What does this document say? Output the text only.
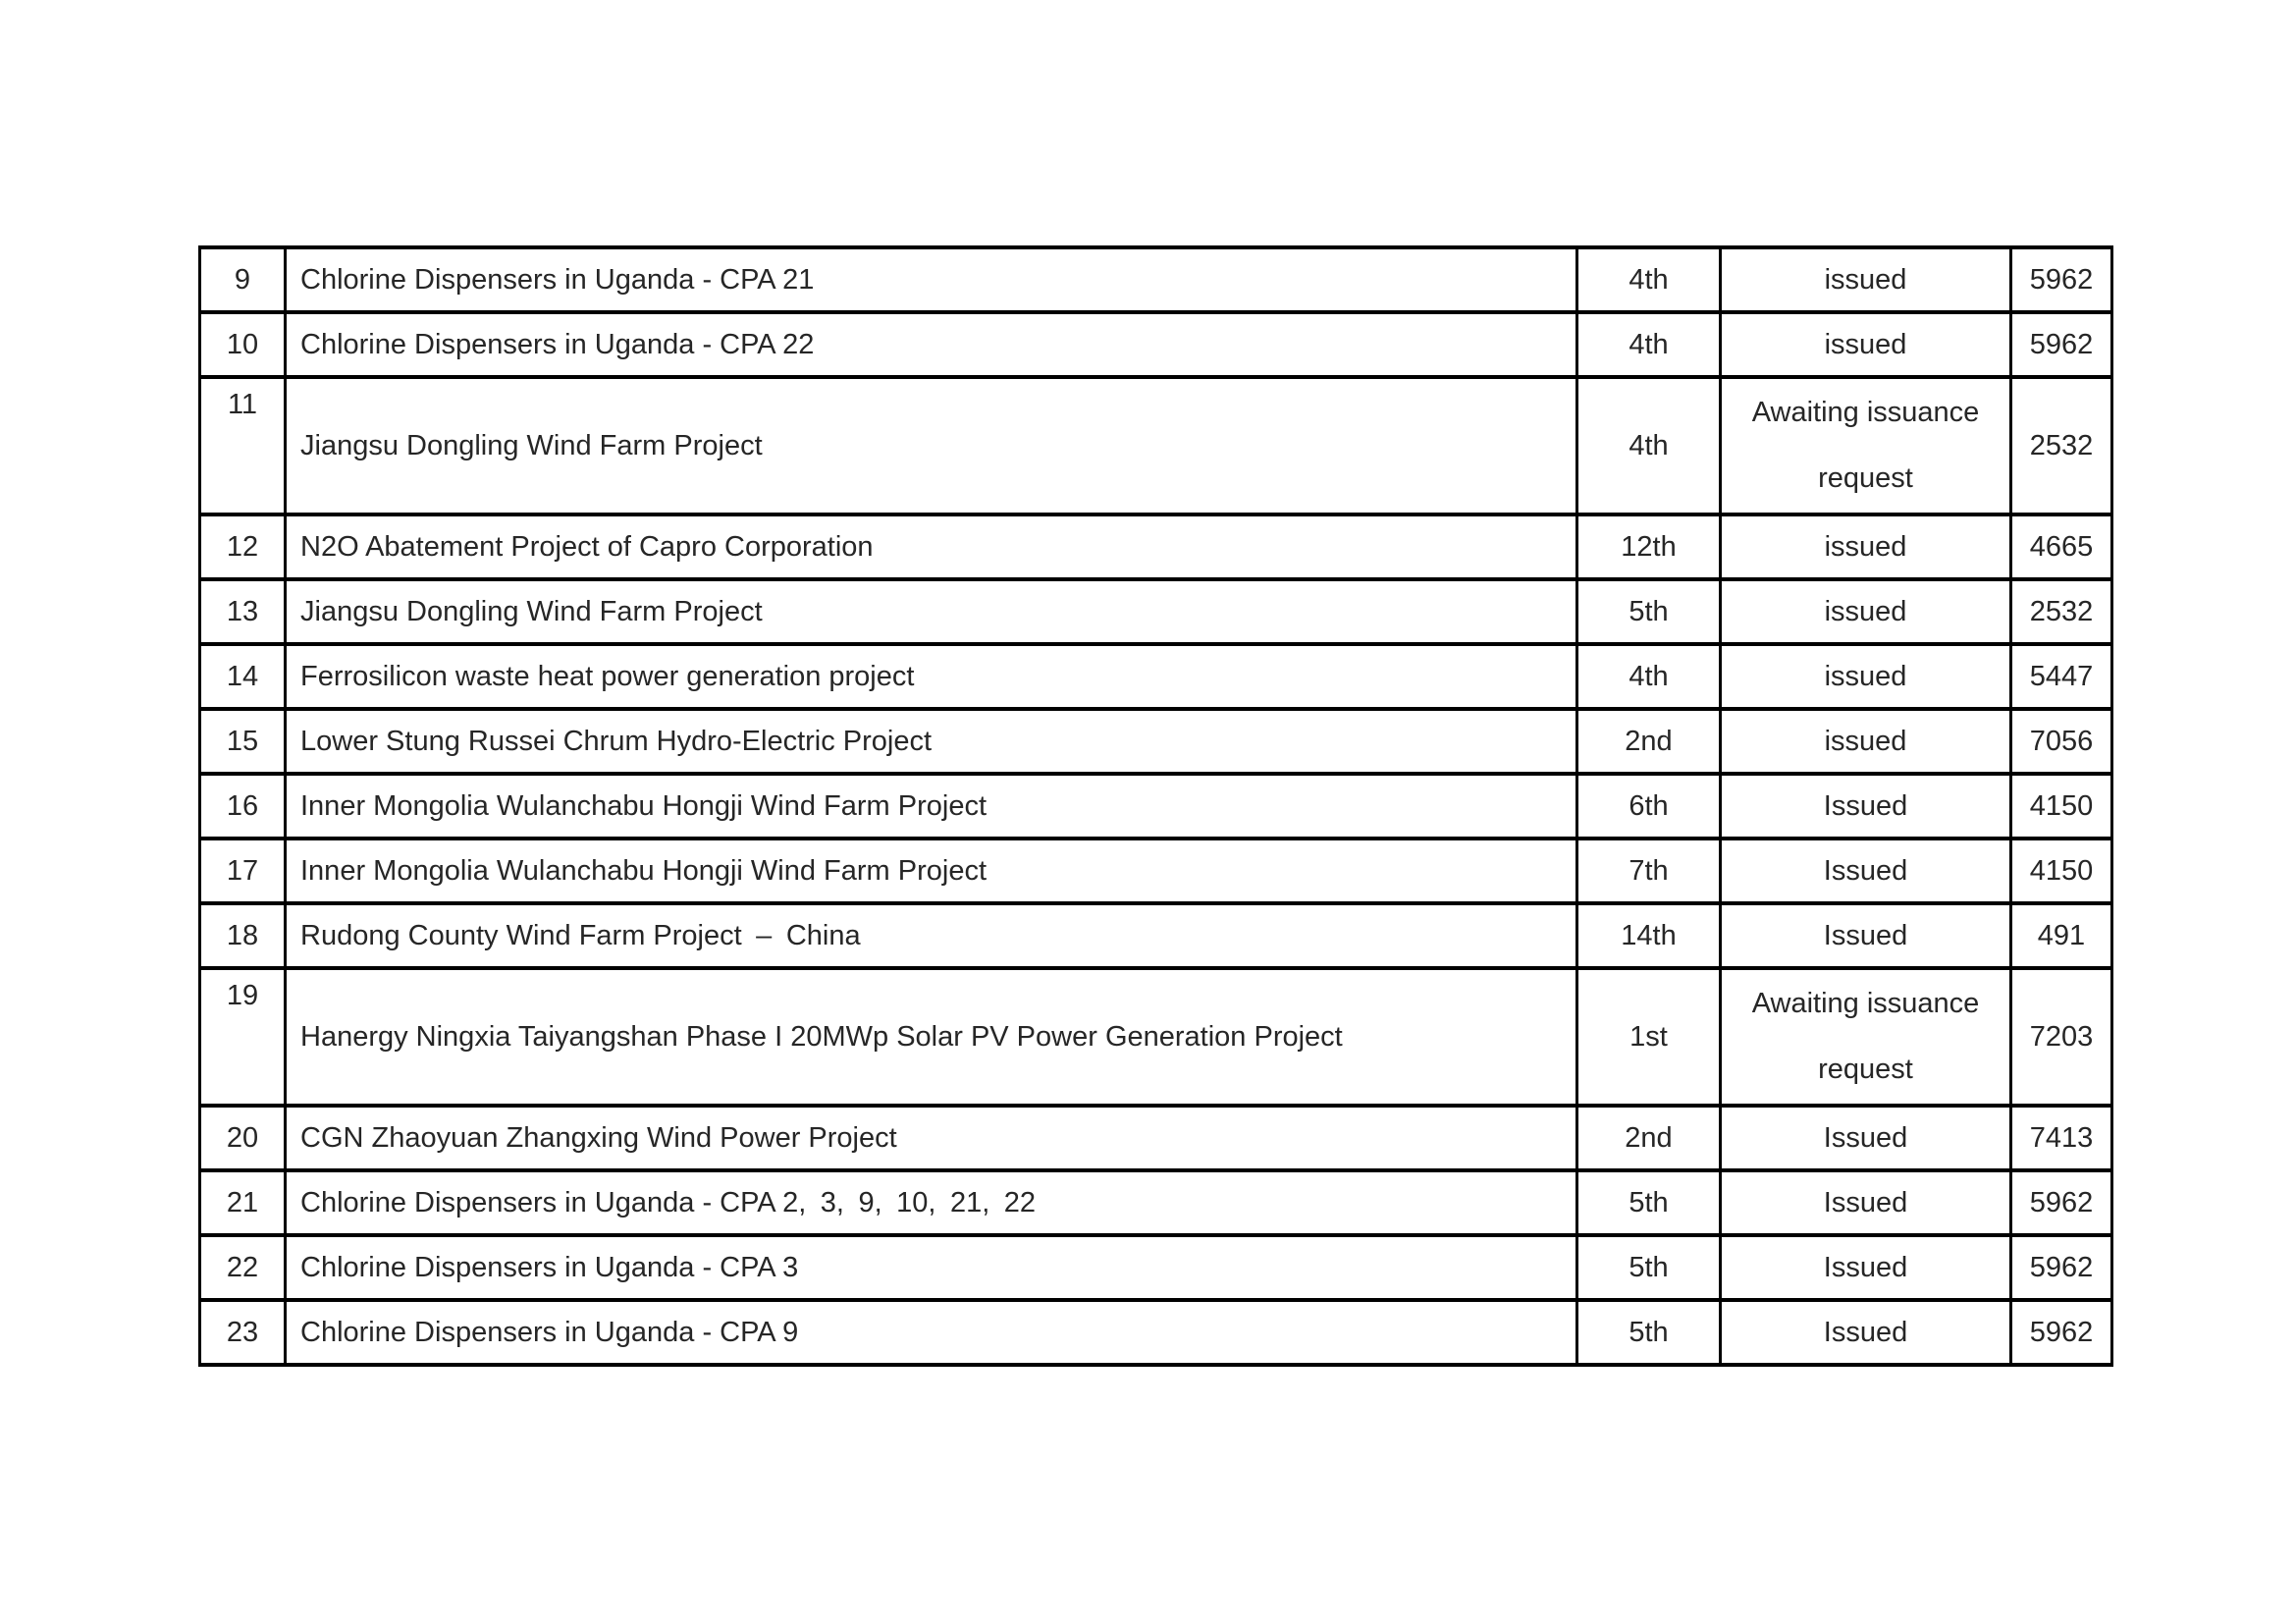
9	Chlorine Dispensers in Uganda - CPA 21	4th	issued	5962
10	Chlorine Dispensers in Uganda - CPA 22	4th	issued	5962
11	Jiangsu Dongling Wind Farm Project	4th	Awaiting issuance request	2532
12	N2O Abatement Project of Capro Corporation	12th	issued	4665
13	Jiangsu Dongling Wind Farm Project	5th	issued	2532
14	Ferrosilicon waste heat power generation project	4th	issued	5447
15	Lower Stung Russei Chrum Hydro-Electric Project	2nd	issued	7056
16	Inner Mongolia Wulanchabu Hongji Wind Farm Project	6th	Issued	4150
17	Inner Mongolia Wulanchabu Hongji Wind Farm Project	7th	Issued	4150
18	Rudong County Wind Farm Project – China	14th	Issued	491
19	Hanergy Ningxia Taiyangshan Phase I 20MWp Solar PV Power Generation Project	1st	Awaiting issuance request	7203
20	CGN Zhaoyuan Zhangxing Wind Power Project	2nd	Issued	7413
21	Chlorine Dispensers in Uganda - CPA 2, 3, 9, 10, 21, 22	5th	Issued	5962
22	Chlorine Dispensers in Uganda - CPA 3	5th	Issued	5962
23	Chlorine Dispensers in Uganda - CPA 9	5th	Issued	5962
